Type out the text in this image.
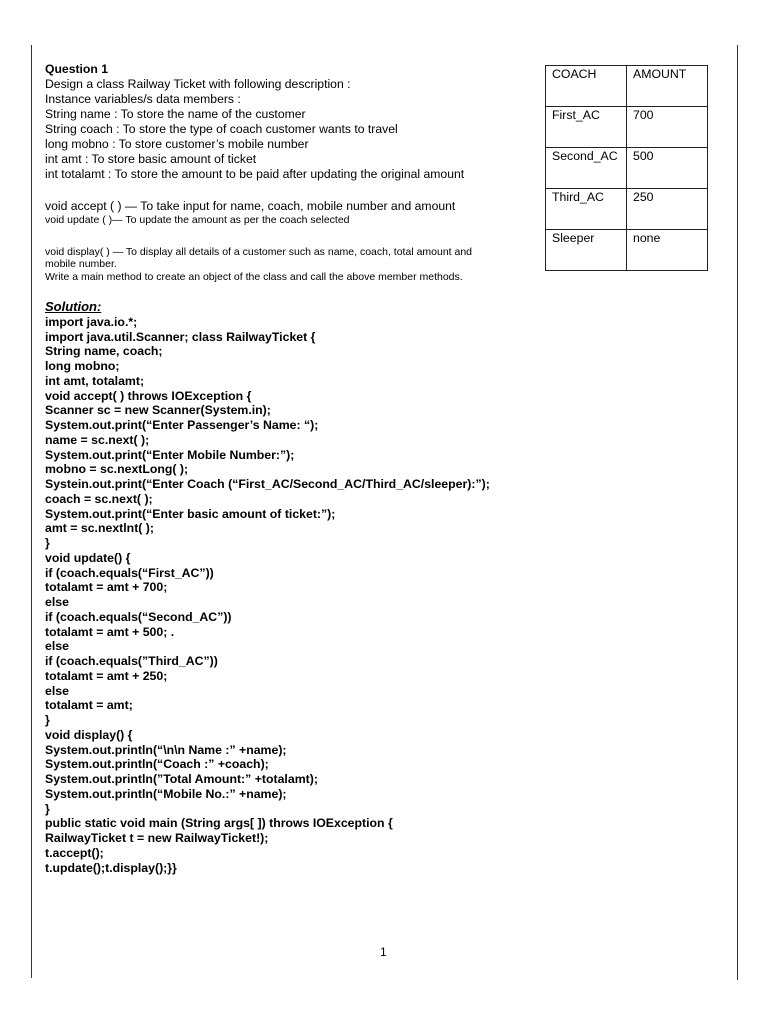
Question 1
Design a class Railway Ticket with following description :
Instance variables/s data members :
String name : To store the name of the customer
String coach : To store the type of coach customer wants to travel
long mobno : To store customer’s mobile number
int amt : To store basic amount of ticket
int totalamt : To store the amount to be paid after updating the original amount
void accept ( ) — To take input for name, coach, mobile number and amount
void update ( )— To update the amount as per the coach selected
void display( ) — To display all details of a customer such as name, coach, total amount and
mobile number.
Write a main method to create an object of the class and call the above member methods.
Solution:
import java.io.*;
import java.util.Scanner; class RailwayTicket {
String name, coach;
long mobno;
int amt, totalamt;
void accept( ) throws IOException {
Scanner sc = new Scanner(System.in);
System.out.print(“Enter Passenger’s Name: “);
name = sc.next( );
System.out.print(“Enter Mobile Number:”);
mobno = sc.nextLong( );
Systein.out.print(“Enter Coach (“First_AC/Second_AC/Third_AC/sleeper):”);
coach = sc.next( );
System.out.print(“Enter basic amount of ticket:”);
amt = sc.nextlnt( );
}
void update() {
if (coach.equals(“First_AC”))
totalamt = amt + 700;
else
if (coach.equals(“Second_AC”))
totalamt = amt + 500; .
else
if (coach.equals(”Third_AC”))
totalamt = amt + 250;
else
totalamt = amt;
}
void display() {
System.out.println(“\n\n Name :” +name);
System.out.println(“Coach :” +coach);
System.out.println(”Total Amount:” +totalamt);
System.out.println(“Mobile No.:” +name);
}
public static void main (String args[ ]) throws IOException {
RailwayTicket t = new RailwayTicket!);
t.accept();
t.update();t.display();}}
COACH	AMOUNT
First_AC	700
Second_AC	500
Third_AC	250
Sleeper	none
1
